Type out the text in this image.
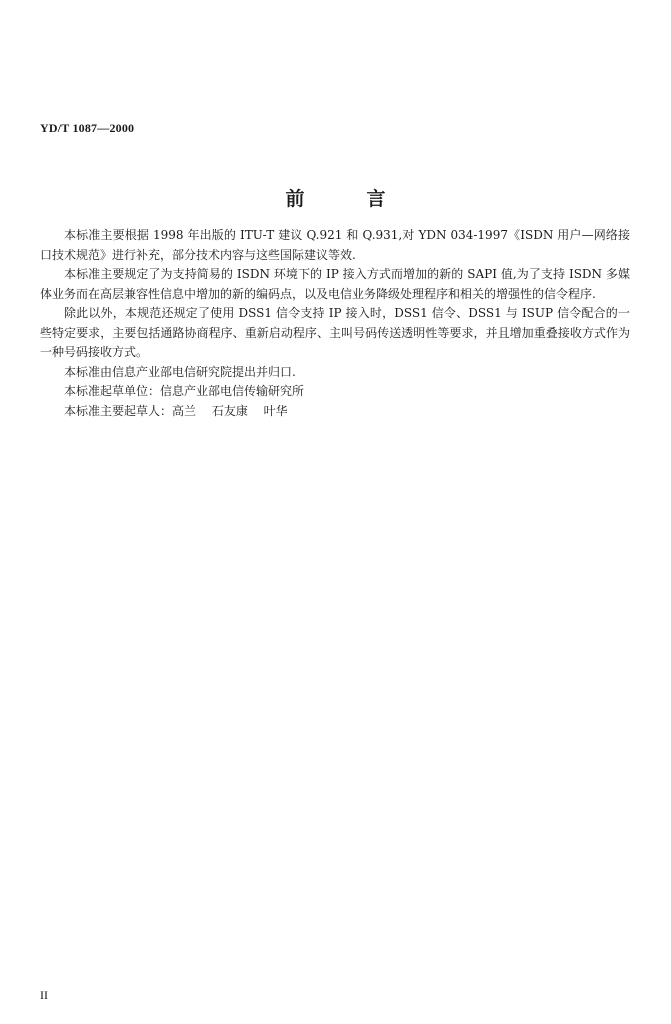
YD/T 1087—2000
前	言

本标准主要根据 1998 年出版的 ITU-T 建议 Q.921 和 Q.931,对 YDN 034-1997《ISDN 用户—网络接口技术规范》进行补充，部分技术内容与这些国际建议等效.

本标准主要规定了为支持简易的 ISDN 环境下的 IP 接入方式而增加的新的 SAPI 值,为了支持 ISDN 多媒体业务而在高层兼容性信息中增加的新的编码点，以及电信业务降级处理程序和相关的增强性的信令程序.

除此以外，本规范还规定了使用 DSS1 信令支持 IP 接入时，DSS1 信令、DSS1 与 ISUP 信令配合的一些特定要求，主要包括通路协商程序、重新启动程序、主叫号码传送透明性等要求，并且增加重叠接收方式作为一种号码接收方式。

本标准由信息产业部电信研究院提出并归口.

本标准起草单位：信息产业部电信传输研究所

本标准主要起草人：高兰　 石友康　 叶华

II
